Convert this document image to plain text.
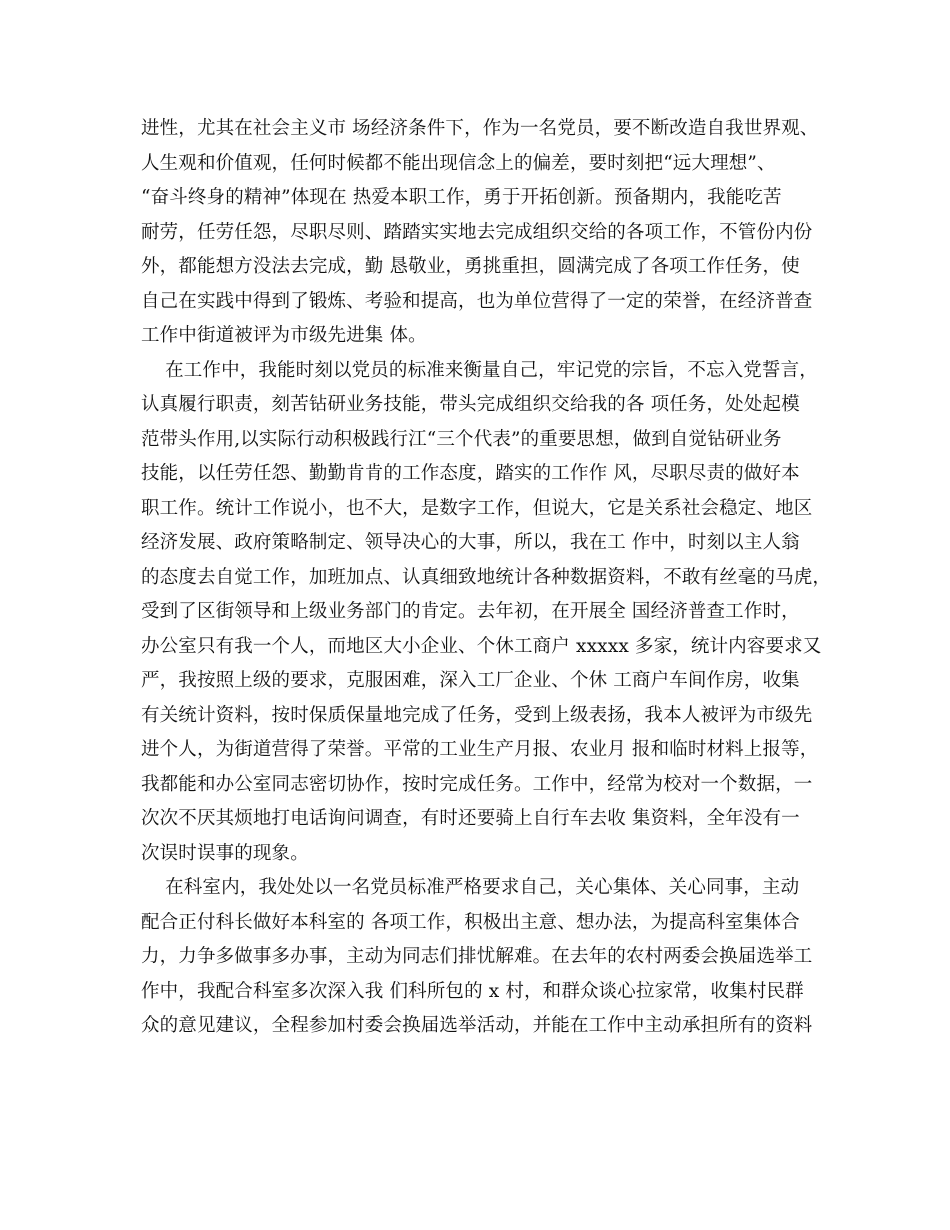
进性，尤其在社会主义市 场经济条件下，作为一名党员，要不断改造自我世界观、
人生观和价值观，任何时候都不能出现信念上的偏差，要时刻把“远大理想”、
“奋斗终身的精神”体现在 热爱本职工作，勇于开拓创新。预备期内，我能吃苦
耐劳，任劳任怨，尽职尽则、踏踏实实地去完成组织交给的各项工作，不管份内份
外，都能想方没法去完成，勤 恳敬业，勇挑重担，圆满完成了各项工作任务，使
自己在实践中得到了锻炼、考验和提高，也为单位营得了一定的荣誉，在经济普查
工作中街道被评为市级先进集 体。
在工作中，我能时刻以党员的标准来衡量自己，牢记党的宗旨，不忘入党誓言，
认真履行职责，刻苦钻研业务技能，带头完成组织交给我的各 项任务，处处起模
范带头作用,以实际行动积极践行江“三个代表”的重要思想，做到自觉钻研业务
技能，以任劳任怨、勤勤肯肯的工作态度，踏实的工作作 风，尽职尽责的做好本
职工作。统计工作说小，也不大，是数字工作，但说大，它是关系社会稳定、地区
经济发展、政府策略制定、领导决心的大事，所以，我在工 作中，时刻以主人翁
的态度去自觉工作，加班加点、认真细致地统计各种数据资料，不敢有丝毫的马虎，
受到了区街领导和上级业务部门的肯定。去年初，在开展全 国经济普查工作时，
办公室只有我一个人，而地区大小企业、个休工商户 xxxxx 多家，统计内容要求又
严，我按照上级的要求，克服困难，深入工厂企业、个休 工商户车间作房，收集
有关统计资料，按时保质保量地完成了任务，受到上级表扬，我本人被评为市级先
进个人，为街道营得了荣誉。平常的工业生产月报、农业月 报和临时材料上报等，
我都能和办公室同志密切协作，按时完成任务。工作中，经常为校对一个数据，一
次次不厌其烦地打电话询问调查，有时还要骑上自行车去收 集资料，全年没有一
次误时误事的现象。
在科室内，我处处以一名党员标准严格要求自己，关心集体、关心同事，主动
配合正付科长做好本科室的 各项工作，积极出主意、想办法，为提高科室集体合
力，力争多做事多办事，主动为同志们排忧解难。在去年的农村两委会换届选举工
作中，我配合科室多次深入我 们科所包的 x 村，和群众谈心拉家常，收集村民群
众的意见建议，全程参加村委会换届选举活动，并能在工作中主动承担所有的资料
